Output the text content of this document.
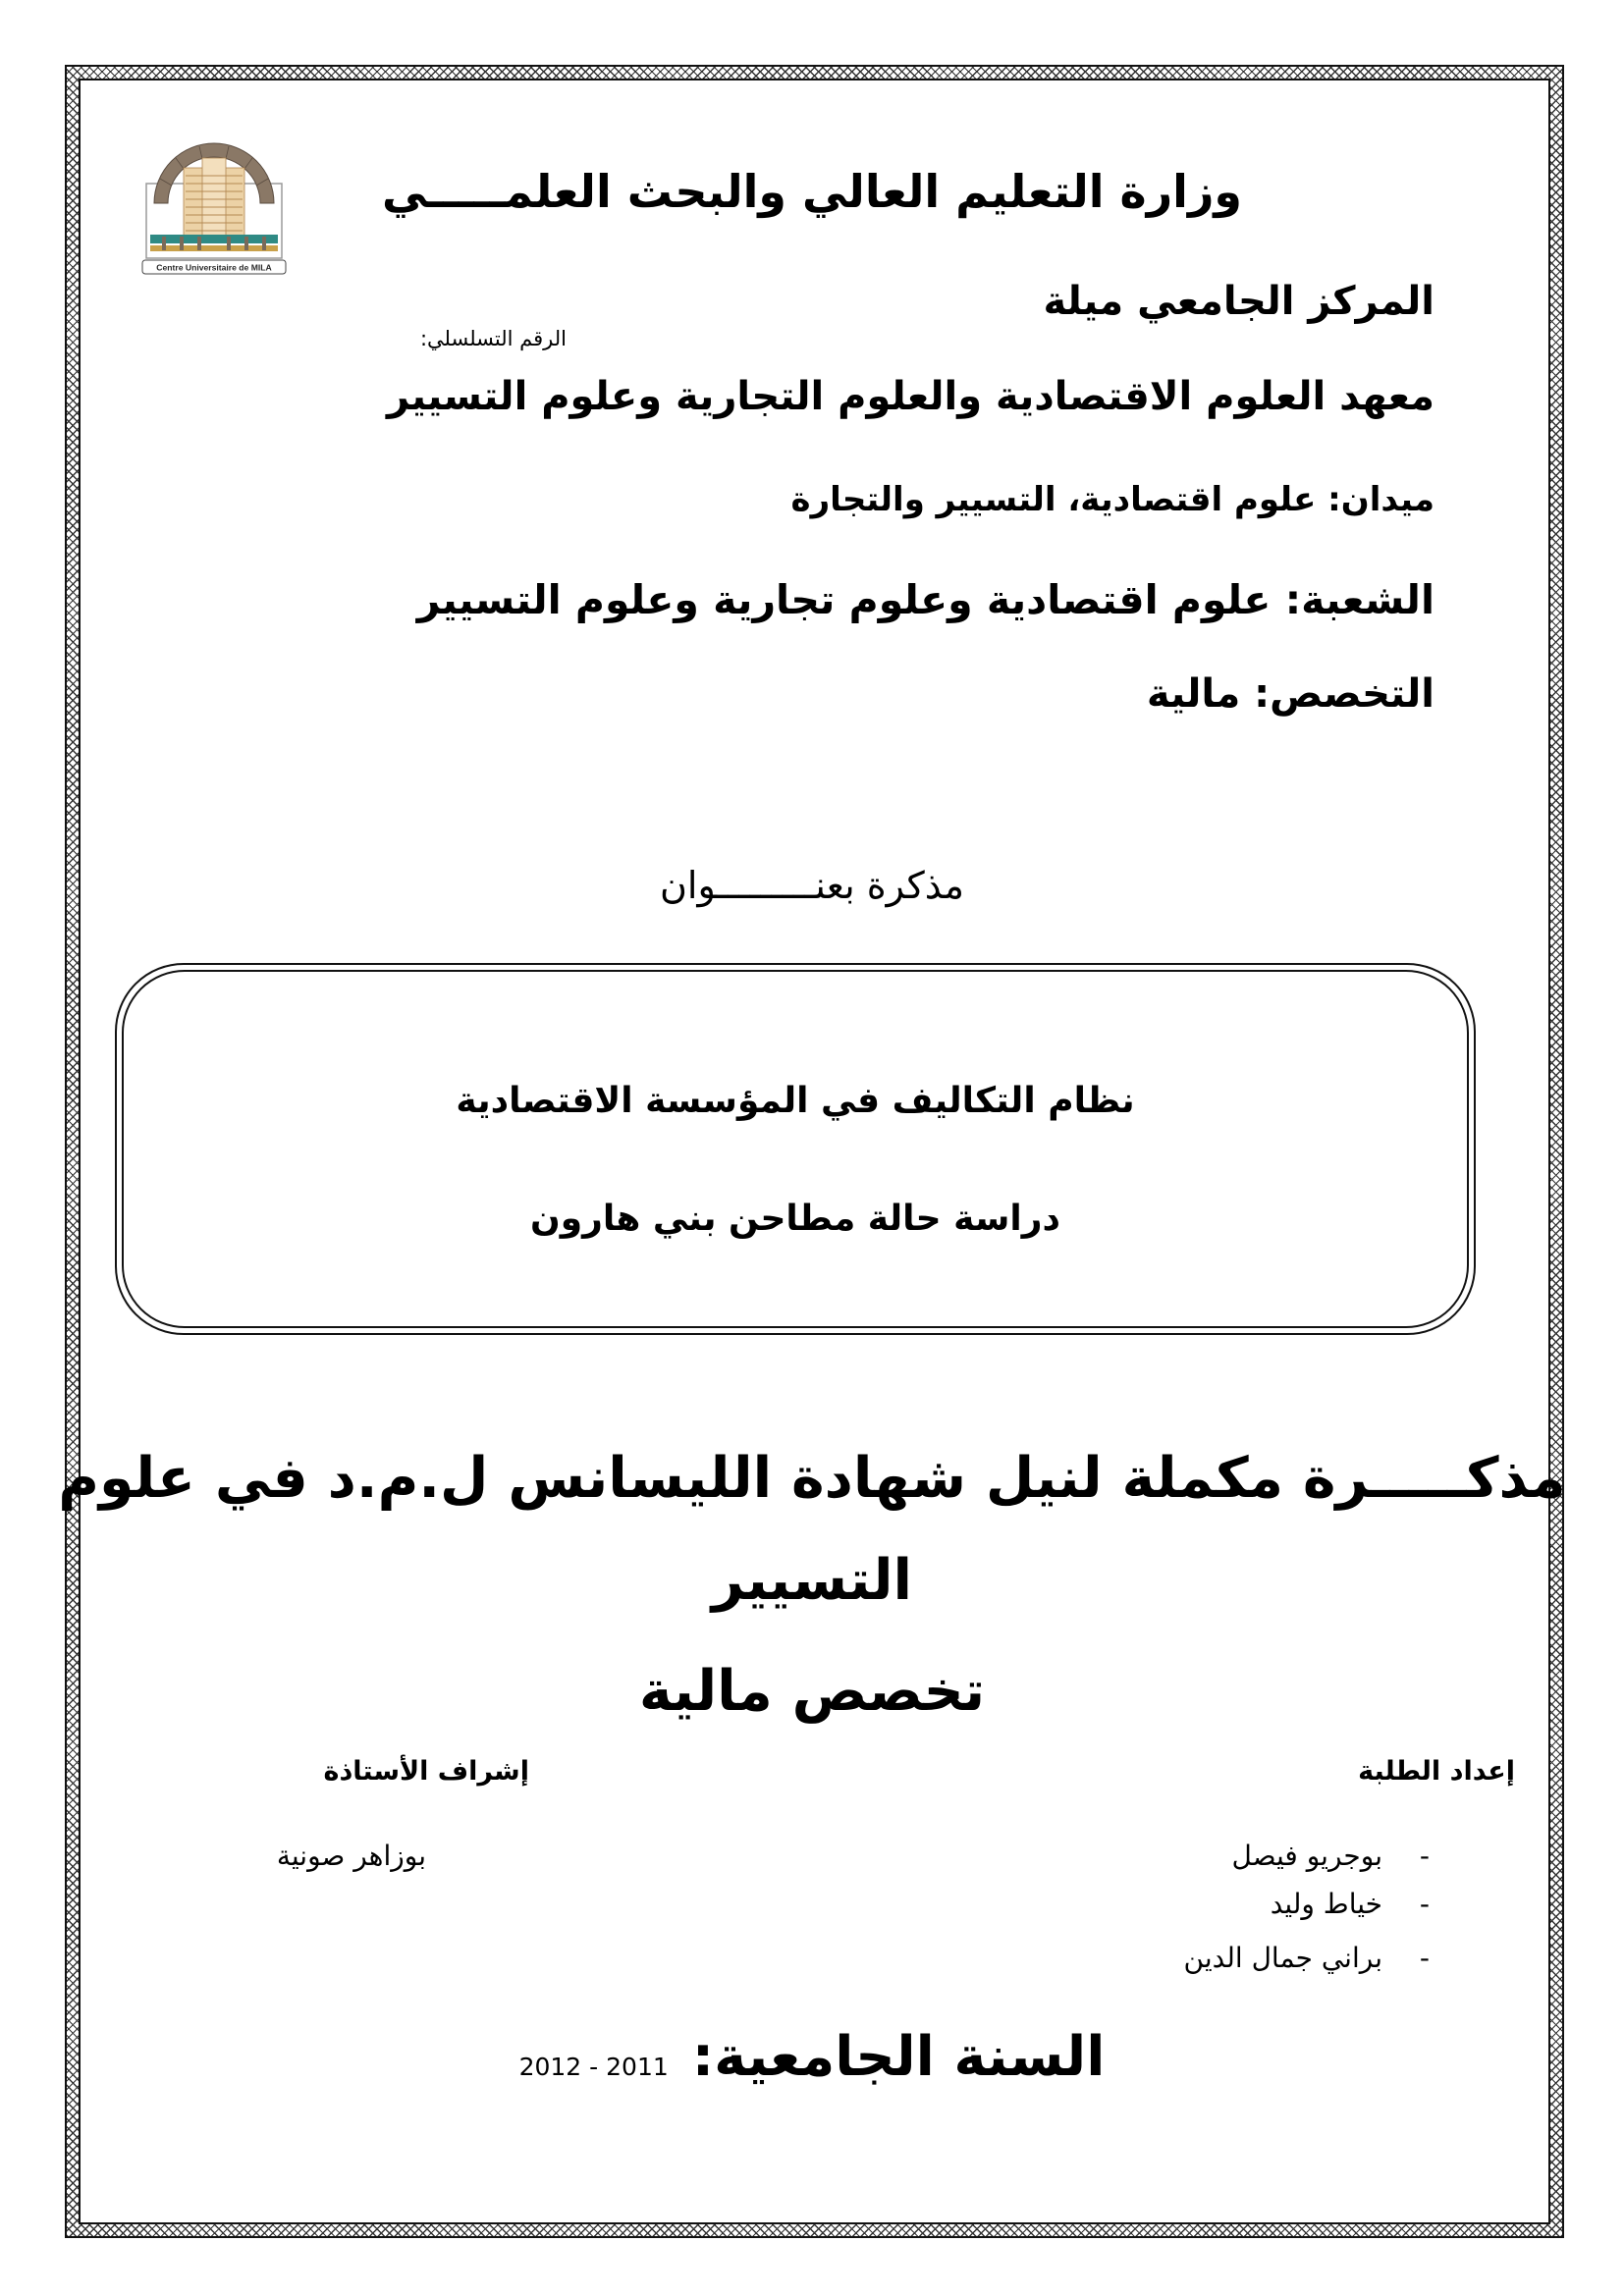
Centre Universitaire de MILA
وزارة التعليم العالي والبحث العلمـــــي
المركز الجامعي ميلة
الرقم التسلسلي:
معهد العلوم الاقتصادية والعلوم التجارية وعلوم التسيير
ميدان: علوم اقتصادية، التسيير والتجارة
الشعبة: علوم اقتصادية وعلوم تجارية وعلوم التسيير
التخصص: مالية
مذكرة بعنـــــــــوان
نظام التكاليف في المؤسسة الاقتصادية
دراسة حالة مطاحن بني هارون
مذكـــــرة مكملة لنيل شهادة الليسانس ل.م.د في علوم
التسيير
تخصص مالية
إعداد الطلبة
إشراف الأستاذة
-
بوجريو فيصل
-
خياط وليد
-
براني جمال الدين
بوزاهر صونية
السنة الجامعية:
2011 - 2012
